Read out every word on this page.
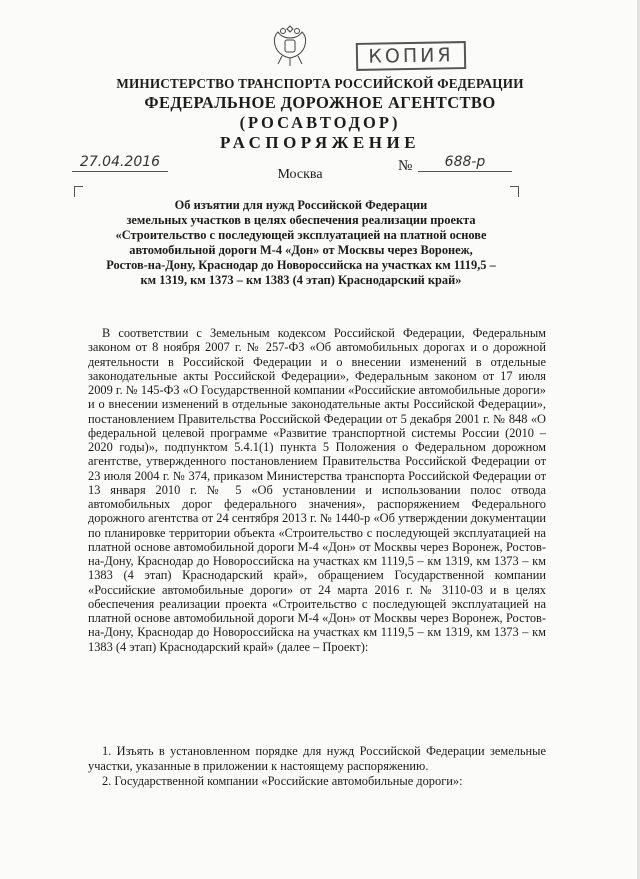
КОПИЯ
МИНИСТЕРСТВО ТРАНСПОРТА РОССИЙСКОЙ ФЕДЕРАЦИИ
ФЕДЕРАЛЬНОЕ ДОРОЖНОЕ АГЕНТСТВО
(РОСАВТОДОР)
РАСПОРЯЖЕНИЕ
27.04.2016
Москва
№	688-р
Об изъятии для нужд Российской Федерации
земельных участков в целях обеспечения реализации проекта
«Строительство с последующей эксплуатацией на платной основе
автомобильной дороги М-4 «Дон» от Москвы через Воронеж,
Ростов-на-Дону, Краснодар до Новороссийска на участках км 1119,5 –
км 1319, км 1373 – км 1383 (4 этап) Краснодарский край»

В соответствии с Земельным кодексом Российской Федерации, Федеральным законом от 8 ноября 2007 г. № 257-ФЗ «Об автомобильных дорогах и о дорожной деятельности в Российской Федерации и о внесении изменений в отдельные законодательные акты Российской Федерации», Федеральным законом от 17 июля 2009 г. № 145-ФЗ «О Государственной компании «Российские автомобильные дороги» и о внесении изменений в отдельные законодательные акты Российской Федерации», постановлением Правительства Российской Федерации от 5 декабря 2001 г. № 848 «О федеральной целевой программе «Развитие транспортной системы России (2010 – 2020 годы)», подпунктом 5.4.1(1) пункта 5 Положения о Федеральном дорожном агентстве, утвержденного постановлением Правительства Российской Федерации от 23 июля 2004 г. № 374, приказом Министерства транспорта Российской Федерации от 13 января 2010 г. № 5 «Об установлении и использовании полос отвода автомобильных дорог федерального значения», распоряжением Федерального дорожного агентства от 24 сентября 2013 г. № 1440-р «Об утверждении документации по планировке территории объекта «Строительство с последующей эксплуатацией на платной основе автомобильной дороги М-4 «Дон» от Москвы через Воронеж, Ростов-на-Дону, Краснодар до Новороссийска на участках км 1119,5 – км 1319, км 1373 – км 1383 (4 этап) Краснодарский край», обращением Государственной компании «Российские автомобильные дороги» от 24 марта 2016 г. № 3110-03 и в целях обеспечения реализации проекта «Строительство с последующей эксплуатацией на платной основе автомобильной дороги М-4 «Дон» от Москвы через Воронеж, Ростов-на-Дону, Краснодар до Новороссийска на участках км 1119,5 – км 1319, км 1373 – км 1383 (4 этап) Краснодарский край» (далее – Проект):

1. Изъять в установленном порядке для нужд Российской Федерации земельные участки, указанные в приложении к настоящему распоряжению.

2. Государственной компании «Российские автомобильные дороги»:
